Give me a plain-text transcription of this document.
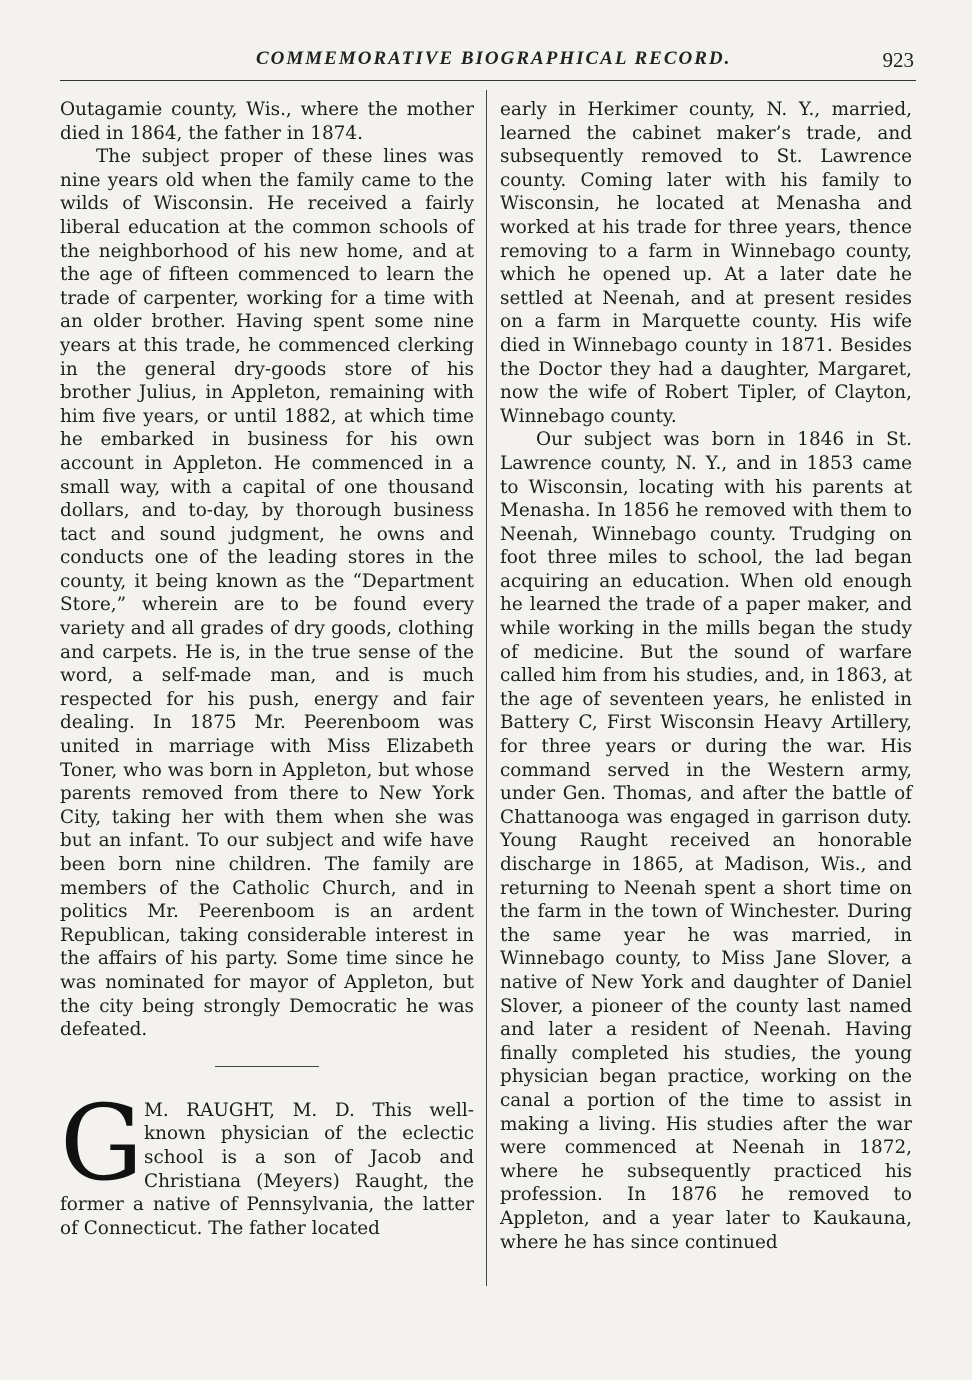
COMMEMORATIVE BIOGRAPHICAL RECORD.	923

Outagamie county, Wis., where the mother died in 1864, the father in 1874.

The subject proper of these lines was nine years old when the family came to the wilds of Wisconsin. He received a fairly liberal education at the common schools of the neighborhood of his new home, and at the age of fifteen commenced to learn the trade of carpenter, working for a time with an older brother. Having spent some nine years at this trade, he commenced clerking in the general dry-goods store of his brother Julius, in Appleton, remaining with him five years, or until 1882, at which time he embarked in business for his own account in Appleton. He commenced in a small way, with a capital of one thousand dollars, and to-day, by thorough business tact and sound judgment, he owns and conducts one of the leading stores in the county, it being known as the “Department Store,” wherein are to be found every variety and all grades of dry goods, clothing and carpets. He is, in the true sense of the word, a self-made man, and is much respected for his push, energy and fair dealing. In 1875 Mr. Peerenboom was united in marriage with Miss Elizabeth Toner, who was born in Appleton, but whose parents removed from there to New York City, taking her with them when she was but an infant. To our subject and wife have been born nine children. The family are members of the Catholic Church, and in politics Mr. Peerenboom is an ardent Republican, taking considerable interest in the affairs of his party. Some time since he was nominated for mayor of Appleton, but the city being strongly Democratic he was defeated.

G M. RAUGHT, M. D. This well-known physician of the eclectic school is a son of Jacob and Christiana (Meyers) Raught, the former a native of Pennsylvania, the latter of Connecticut. The father located

early in Herkimer county, N. Y., married, learned the cabinet maker’s trade, and subsequently removed to St. Lawrence county. Coming later with his family to Wisconsin, he located at Menasha and worked at his trade for three years, thence removing to a farm in Winnebago county, which he opened up. At a later date he settled at Neenah, and at present resides on a farm in Marquette county. His wife died in Winnebago county in 1871. Besides the Doctor they had a daughter, Margaret, now the wife of Robert Tipler, of Clayton, Winnebago county.

Our subject was born in 1846 in St. Lawrence county, N. Y., and in 1853 came to Wisconsin, locating with his parents at Menasha. In 1856 he removed with them to Neenah, Winnebago county. Trudging on foot three miles to school, the lad began acquiring an education. When old enough he learned the trade of a paper maker, and while working in the mills began the study of medicine. But the sound of warfare called him from his studies, and, in 1863, at the age of seventeen years, he enlisted in Battery C, First Wisconsin Heavy Artillery, for three years or during the war. His command served in the Western army, under Gen. Thomas, and after the battle of Chattanooga was engaged in garrison duty. Young Raught received an honorable discharge in 1865, at Madison, Wis., and returning to Neenah spent a short time on the farm in the town of Winchester. During the same year he was married, in Winnebago county, to Miss Jane Slover, a native of New York and daughter of Daniel Slover, a pioneer of the county last named and later a resident of Neenah. Having finally completed his studies, the young physician began practice, working on the canal a portion of the time to assist in making a living. His studies after the war were commenced at Neenah in 1872, where he subsequently practiced his profession. In 1876 he removed to Appleton, and a year later to Kaukauna, where he has since continued
